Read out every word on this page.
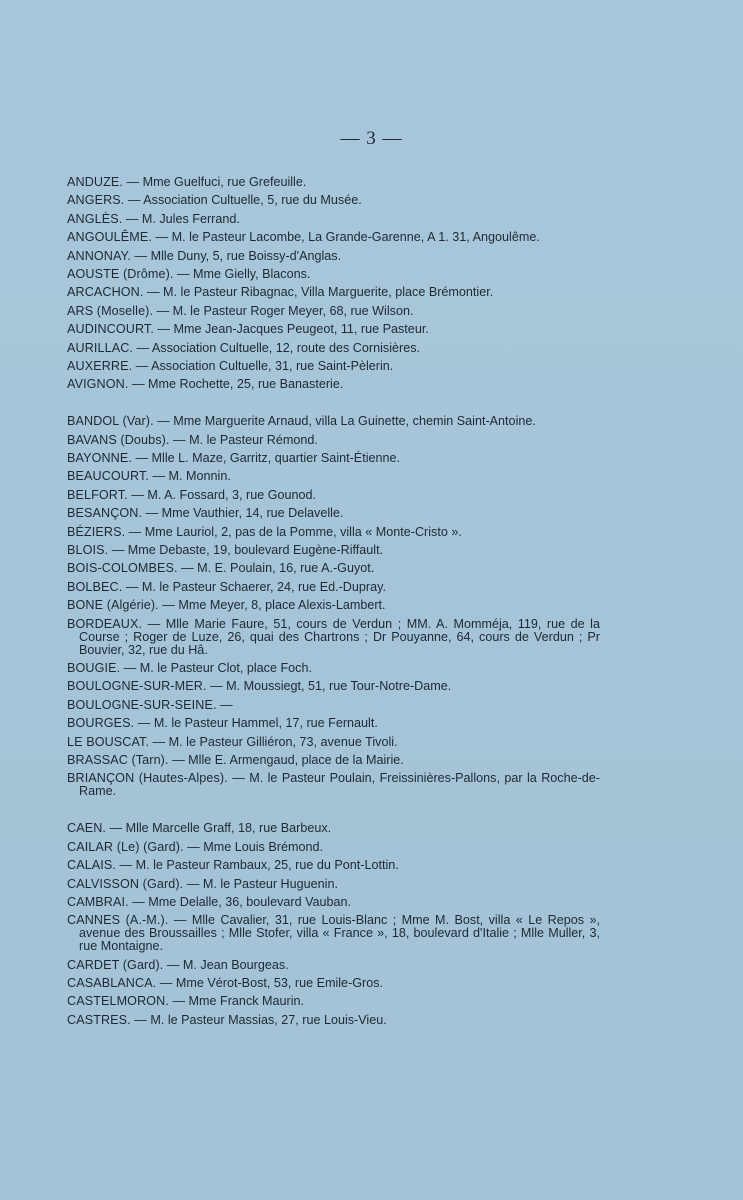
— 3 —

ANDUZE. — Mme Guelfuci, rue Grefeuille.

ANGERS. — Association Cultuelle, 5, rue du Musée.

ANGLÈS. — M. Jules Ferrand.

ANGOULÊME. — M. le Pasteur Lacombe, La Grande-Garenne, A 1. 31, Angoulême.

ANNONAY. — Mlle Duny, 5, rue Boissy-d'Anglas.

AOUSTE (Drôme). — Mme Gielly, Blacons.

ARCACHON. — M. le Pasteur Ribagnac, Villa Marguerite, place Brémontier.

ARS (Moselle). — M. le Pasteur Roger Meyer, 68, rue Wilson.

AUDINCOURT. — Mme Jean-Jacques Peugeot, 11, rue Pasteur.

AURILLAC. — Association Cultuelle, 12, route des Cornisières.

AUXERRE. — Association Cultuelle, 31, rue Saint-Pèlerin.

AVIGNON. — Mme Rochette, 25, rue Banasterie.

BANDOL (Var). — Mme Marguerite Arnaud, villa La Guinette, chemin Saint-Antoine.

BAVANS (Doubs). — M. le Pasteur Rémond.

BAYONNE. — Mlle L. Maze, Garritz, quartier Saint-Étienne.

BEAUCOURT. — M. Monnin.

BELFORT. — M. A. Fossard, 3, rue Gounod.

BESANÇON. — Mme Vauthier, 14, rue Delavelle.

BÉZIERS. — Mme Lauriol, 2, pas de la Pomme, villa « Monte-Cristo ».

BLOIS. — Mme Debaste, 19, boulevard Eugène-Riffault.

BOIS-COLOMBES. — M. E. Poulain, 16, rue A.-Guyot.

BOLBEC. — M. le Pasteur Schaerer, 24, rue Ed.-Dupray.

BONE (Algérie). — Mme Meyer, 8, place Alexis-Lambert.

BORDEAUX. — Mlle Marie Faure, 51, cours de Verdun ; MM. A. Momméja, 119, rue de la Course ; Roger de Luze, 26, quai des Chartrons ; Dr Pouyanne, 64, cours de Verdun ; Pr Bouvier, 32, rue du Hâ.

BOUGIE. — M. le Pasteur Clot, place Foch.

BOULOGNE-SUR-MER. — M. Moussiegt, 51, rue Tour-Notre-Dame.

BOULOGNE-SUR-SEINE. —

BOURGES. — M. le Pasteur Hammel, 17, rue Fernault.

LE BOUSCAT. — M. le Pasteur Gilliéron, 73, avenue Tivoli.

BRASSAC (Tarn). — Mlle E. Armengaud, place de la Mairie.

BRIANÇON (Hautes-Alpes). — M. le Pasteur Poulain, Freissinières-Pallons, par la Roche-de-Rame.

CAEN. — Mlle Marcelle Graff, 18, rue Barbeux.

CAILAR (Le) (Gard). — Mme Louis Brémond.

CALAIS. — M. le Pasteur Rambaux, 25, rue du Pont-Lottin.

CALVISSON (Gard). — M. le Pasteur Huguenin.

CAMBRAI. — Mme Delalle, 36, boulevard Vauban.

CANNES (A.-M.). — Mlle Cavalier, 31, rue Louis-Blanc ; Mme M. Bost, villa « Le Repos », avenue des Broussailles ; Mlle Stofer, villa « France », 18, boulevard d'Italie ; Mlle Muller, 3, rue Montaigne.

CARDET (Gard). — M. Jean Bourgeas.

CASABLANCA. — Mme Vérot-Bost, 53, rue Emile-Gros.

CASTELMORON. — Mme Franck Maurin.

CASTRES. — M. le Pasteur Massias, 27, rue Louis-Vieu.
